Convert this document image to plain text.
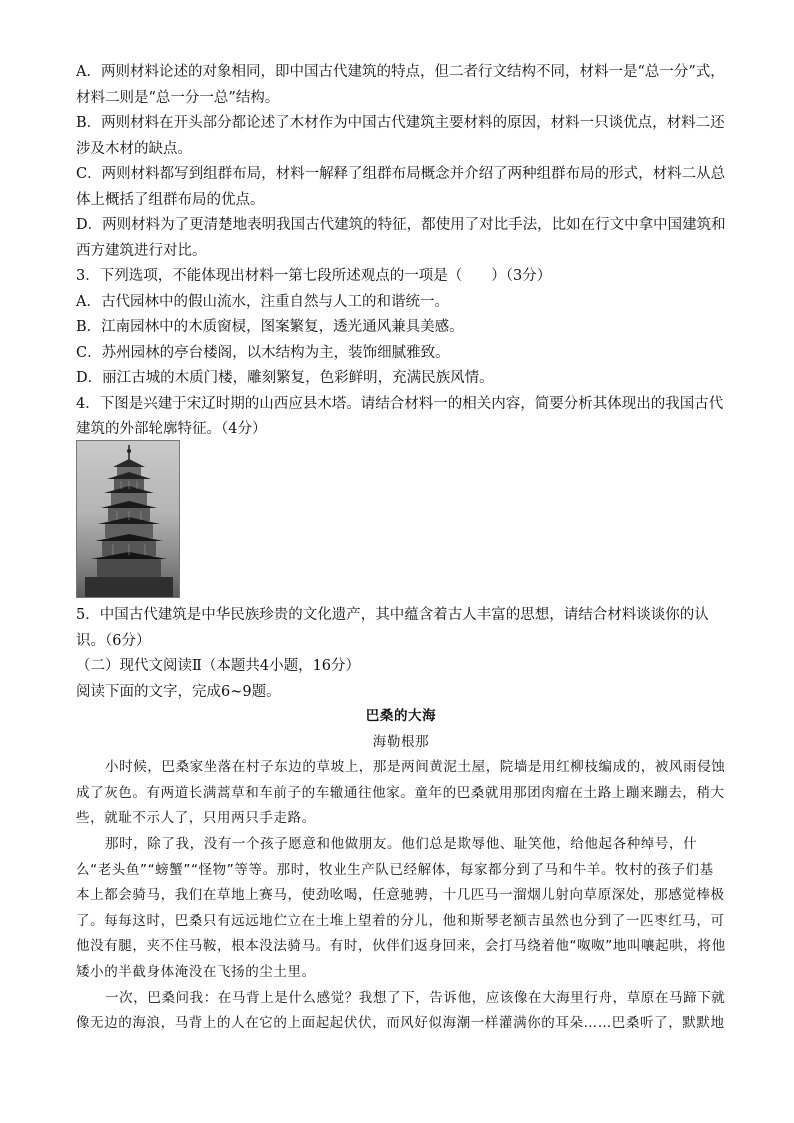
A．两则材料论述的对象相同，即中国古代建筑的特点，但二者行文结构不同，材料一是“总一分”式，材料二则是“总一分一总”结构。

B．两则材料在开头部分都论述了木材作为中国古代建筑主要材料的原因，材料一只谈优点，材料二还涉及木材的缺点。

C．两则材料都写到组群布局，材料一解释了组群布局概念并介绍了两种组群布局的形式，材料二从总体上概括了组群布局的优点。

D．两则材料为了更清楚地表明我国古代建筑的特征，都使用了对比手法，比如在行文中拿中国建筑和西方建筑进行对比。

3．下列选项，不能体现出材料一第七段所述观点的一项是（　　）（3分）

A．古代园林中的假山流水，注重自然与人工的和谐统一。

B．江南园林中的木质窗棂，图案繁复，透光通风兼具美感。

C．苏州园林的亭台楼阁，以木结构为主，装饰细腻雅致。

D．丽江古城的木质门楼，雕刻繁复，色彩鲜明，充满民族风情。

4．下图是兴建于宋辽时期的山西应县木塔。请结合材料一的相关内容，简要分析其体现出的我国古代建筑的外部轮廓特征。（4分）

5．中国古代建筑是中华民族珍贵的文化遗产，其中蕴含着古人丰富的思想，请结合材料谈谈你的认识。（6分）

（二）现代文阅读Ⅱ（本题共4小题，16分）

阅读下面的文字，完成6~9题。

巴桑的大海

海勒根那

小时候，巴桑家坐落在村子东边的草坡上，那是两间黄泥土屋，院墙是用红柳枝编成的，被风雨侵蚀成了灰色。有两道长满蒿草和车前子的车辙通往他家。童年的巴桑就用那团肉瘤在土路上蹦来蹦去，稍大些，就耻不示人了，只用两只手走路。

那时，除了我，没有一个孩子愿意和他做朋友。他们总是欺辱他、耻笑他，给他起各种绰号，什么“老头鱼”“螃蟹”“怪物”等等。那时，牧业生产队已经解体，每家都分到了马和牛羊。牧村的孩子们基本上都会骑马，我们在草地上赛马，使劲吆喝，任意驰骋，十几匹马一溜烟儿射向草原深处，那感觉棒极了。每每这时，巴桑只有远远地伫立在土堆上望着的分儿，他和斯琴老额吉虽然也分到了一匹枣红马，可他没有腿，夹不住马鞍，根本没法骑马。有时，伙伴们返身回来，会打马绕着他“呶呶”地叫嚷起哄，将他矮小的半截身体淹没在飞扬的尘土里。

一次，巴桑问我：在马背上是什么感觉？我想了下，告诉他，应该像在大海里行舟，草原在马蹄下就像无边的海浪，马背上的人在它的上面起起伏伏，而风好似海潮一样灌满你的耳朵……巴桑听了，默默地
